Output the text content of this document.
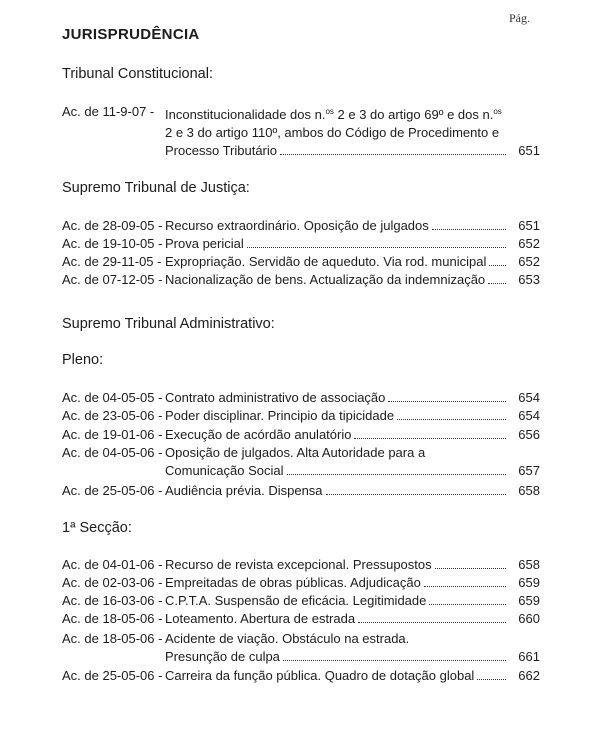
Pág.
JURISPRUDÊNCIA
Tribunal Constitucional:
Ac. de 11-9-07 - Inconstitucionalidade dos n.$^{os}$ 2 e 3 do artigo 69º e dos n.$^{os}$
2 e 3 do artigo 110º, ambos do Código de Procedimento e
Processo Tributário	651
Supremo Tribunal de Justiça:
Ac. de 28-09-05 - Recurso extraordinário. Oposição de julgados	651
Ac. de 19-10-05 - Prova pericial	652
Ac. de 29-11-05 - Expropriação. Servidão de aqueduto. Via rod. municipal	652
Ac. de 07-12-05 - Nacionalização de bens. Actualização da indemnização	653
Supremo Tribunal Administrativo:
Pleno:
Ac. de 04-05-05 - Contrato administrativo de associação	654
Ac. de 23-05-06 - Poder disciplinar. Principio da tipicidade	654
Ac. de 19-01-06 - Execução de acórdão anulatório	656
Ac. de 04-05-06 - Oposição de julgados. Alta Autoridade para a
Comunicação Social	657
Ac. de 25-05-06 - Audiência prévia. Dispensa	658
1ª Secção:
Ac. de 04-01-06 - Recurso de revista excepcional. Pressupostos	658
Ac. de 02-03-06 - Empreitadas de obras públicas. Adjudicação	659
Ac. de 16-03-06 - C.P.T.A. Suspensão de eficácia. Legitimidade	659
Ac. de 18-05-06 - Loteamento. Abertura de estrada	660
Ac. de 18-05-06 - Acidente de viação. Obstáculo na estrada.
Presunção de culpa	661
Ac. de 25-05-06 - Carreira da função pública. Quadro de dotação global	662
